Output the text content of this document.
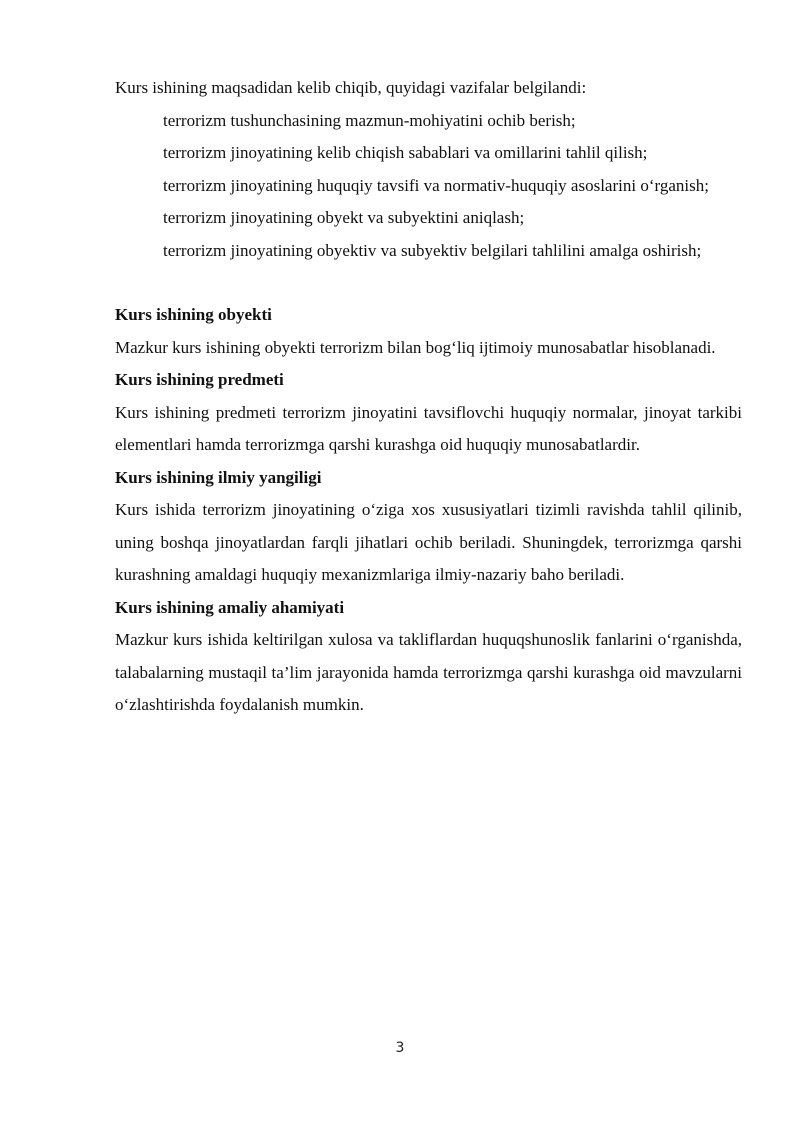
Kurs ishining maqsadidan kelib chiqib, quyidagi vazifalar belgilandi:

terrorizm tushunchasining mazmun-mohiyatini ochib berish;
terrorizm jinoyatining kelib chiqish sabablari va omillarini tahlil qilish;
terrorizm jinoyatining huquqiy tavsifi va normativ-huquqiy asoslarini o‘rganish;
terrorizm jinoyatining obyekt va subyektini aniqlash;
terrorizm jinoyatining obyektiv va subyektiv belgilari tahlilini amalga oshirish;
Kurs ishining obyekti

Mazkur kurs ishining obyekti terrorizm bilan bog‘liq ijtimoiy munosabatlar hisoblanadi.

Kurs ishining predmeti

Kurs ishining predmeti terrorizm jinoyatini tavsiflovchi huquqiy normalar, jinoyat tarkibi elementlari hamda terrorizmga qarshi kurashga oid huquqiy munosabatlardir.

Kurs ishining ilmiy yangiligi

Kurs ishida terrorizm jinoyatining o‘ziga xos xususiyatlari tizimli ravishda tahlil qilinib, uning boshqa jinoyatlardan farqli jihatlari ochib beriladi. Shuningdek, terrorizmga qarshi kurashning amaldagi huquqiy mexanizmlariga ilmiy-nazariy baho beriladi.

Kurs ishining amaliy ahamiyati

Mazkur kurs ishida keltirilgan xulosa va takliflardan huquqshunoslik fanlarini o‘rganishda, talabalarning mustaqil ta’lim jarayonida hamda terrorizmga qarshi kurashga oid mavzularni o‘zlashtirishda foydalanish mumkin.

3
